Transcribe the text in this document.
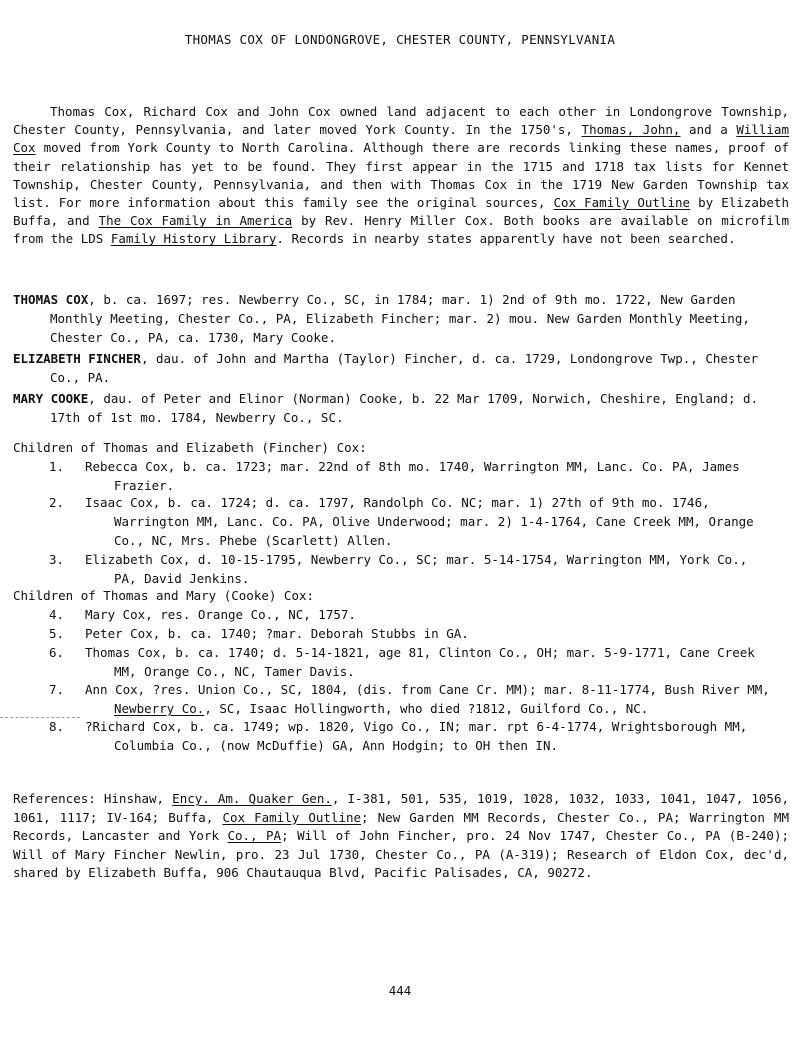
THOMAS COX OF LONDONGROVE, CHESTER COUNTY, PENNSYLVANIA
Thomas Cox, Richard Cox and John Cox owned land adjacent to each other in Londongrove Township, Chester County, Pennsylvania, and later moved York County. In the 1750's, Thomas, John, and a William Cox moved from York County to North Carolina. Although there are records linking these names, proof of their relationship has yet to be found. They first appear in the 1715 and 1718 tax lists for Kennet Township, Chester County, Pennsylvania, and then with Thomas Cox in the 1719 New Garden Township tax list. For more information about this family see the original sources, Cox Family Outline by Elizabeth Buffa, and The Cox Family in America by Rev. Henry Miller Cox. Both books are available on microfilm from the LDS Family History Library. Records in nearby states apparently have not been searched.
THOMAS COX, b. ca. 1697; res. Newberry Co., SC, in 1784; mar. 1) 2nd of 9th mo. 1722, New Garden Monthly Meeting, Chester Co., PA, Elizabeth Fincher; mar. 2) mou. New Garden Monthly Meeting, Chester Co., PA, ca. 1730, Mary Cooke.
ELIZABETH FINCHER, dau. of John and Martha (Taylor) Fincher, d. ca. 1729, Londongrove Twp., Chester Co., PA.
MARY COOKE, dau. of Peter and Elinor (Norman) Cooke, b. 22 Mar 1709, Norwich, Cheshire, England; d. 17th of 1st mo. 1784, Newberry Co., SC.
Children of Thomas and Elizabeth (Fincher) Cox:
1.	Rebecca Cox, b. ca. 1723; mar. 22nd of 8th mo. 1740, Warrington MM, Lanc. Co. PA, James Frazier.
2.	Isaac Cox, b. ca. 1724; d. ca. 1797, Randolph Co. NC; mar. 1) 27th of 9th mo. 1746, Warrington MM, Lanc. Co. PA, Olive Underwood; mar. 2) 1-4-1764, Cane Creek MM, Orange Co., NC, Mrs. Phebe (Scarlett) Allen.
3.	Elizabeth Cox, d. 10-15-1795, Newberry Co., SC; mar. 5-14-1754, Warrington MM, York Co., PA, David Jenkins.
Children of Thomas and Mary (Cooke) Cox:
4.	Mary Cox, res. Orange Co., NC, 1757.
5.	Peter Cox, b. ca. 1740; ?mar. Deborah Stubbs in GA.
6.	Thomas Cox, b. ca. 1740; d. 5-14-1821, age 81, Clinton Co., OH; mar. 5-9-1771, Cane Creek MM, Orange Co., NC, Tamer Davis.
7.	Ann Cox, ?res. Union Co., SC, 1804, (dis. from Cane Cr. MM); mar. 8-11-1774, Bush River MM, Newberry Co., SC, Isaac Hollingworth, who died ?1812, Guilford Co., NC.
8.	?Richard Cox, b. ca. 1749; wp. 1820, Vigo Co., IN; mar. rpt 6-4-1774, Wrightsborough MM, Columbia Co., (now McDuffie) GA, Ann Hodgin; to OH then IN.
References: Hinshaw, Ency. Am. Quaker Gen., I-381, 501, 535, 1019, 1028, 1032, 1033, 1041, 1047, 1056, 1061, 1117; IV-164; Buffa, Cox Family Outline; New Garden MM Records, Chester Co., PA; Warrington MM Records, Lancaster and York Co., PA; Will of John Fincher, pro. 24 Nov 1747, Chester Co., PA (B-240); Will of Mary Fincher Newlin, pro. 23 Jul 1730, Chester Co., PA (A-319); Research of Eldon Cox, dec'd, shared by Elizabeth Buffa, 906 Chautauqua Blvd, Pacific Palisades, CA, 90272.
444
